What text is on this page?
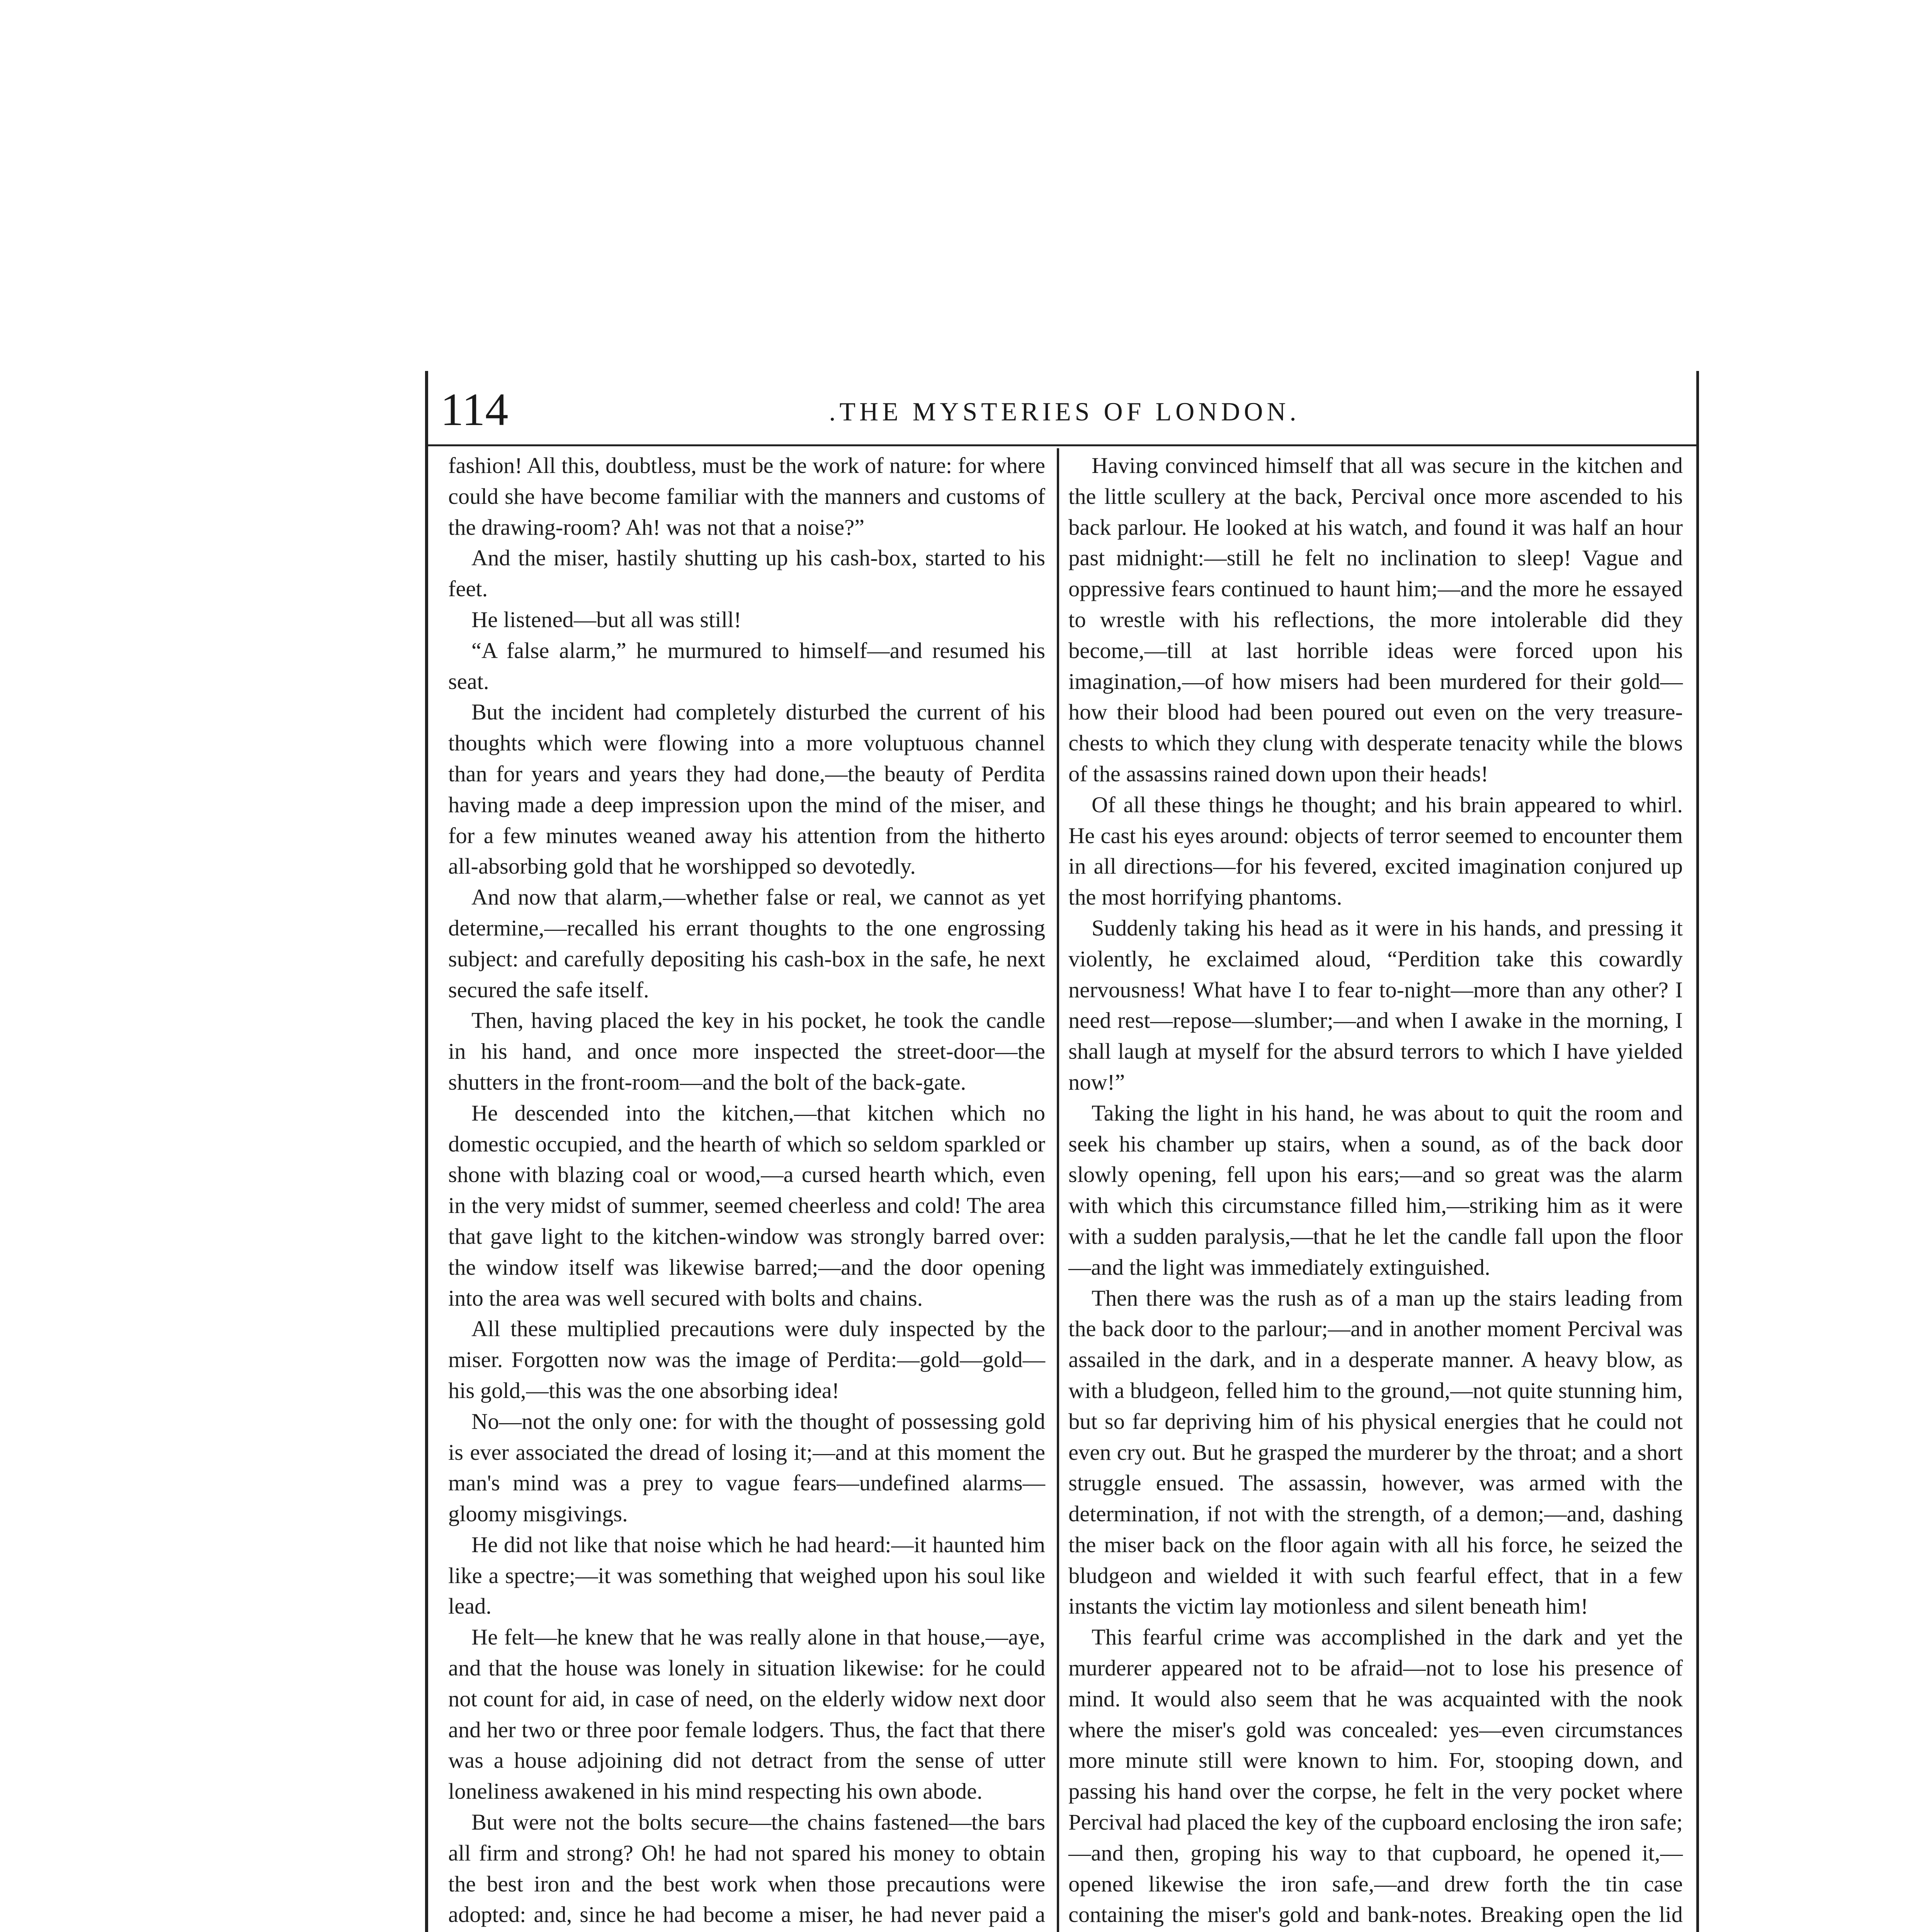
114	.THE MYSTERIES OF LONDON.

fashion! All this, doubtless, must be the work of nature: for where could she have become familiar with the manners and customs of the drawing-room? Ah! was not that a noise?”

And the miser, hastily shutting up his cash-box, started to his feet.

He listened—but all was still!

“A false alarm,” he murmured to himself—and resumed his seat.

But the incident had completely disturbed the current of his thoughts which were flowing into a more voluptuous channel than for years and years they had done,—the beauty of Perdita having made a deep impression upon the mind of the miser, and for a few minutes weaned away his attention from the hitherto all-absorbing gold that he worshipped so devotedly.

And now that alarm,—whether false or real, we cannot as yet determine,—recalled his errant thoughts to the one engrossing subject: and carefully depositing his cash-box in the safe, he next secured the safe itself.

Then, having placed the key in his pocket, he took the candle in his hand, and once more inspected the street-door—the shutters in the front-room—and the bolt of the back-gate.

He descended into the kitchen,—that kitchen which no domestic occupied, and the hearth of which so seldom sparkled or shone with blazing coal or wood,—a cursed hearth which, even in the very midst of summer, seemed cheerless and cold! The area that gave light to the kitchen-window was strongly barred over: the window itself was likewise barred;—and the door opening into the area was well secured with bolts and chains.

All these multiplied precautions were duly inspected by the miser. Forgotten now was the image of Perdita:—gold—gold—his gold,—this was the one absorbing idea!

No—not the only one: for with the thought of possessing gold is ever associated the dread of losing it;—and at this moment the man's mind was a prey to vague fears—undefined alarms—gloomy misgivings.

He did not like that noise which he had heard:—it haunted him like a spectre;—it was something that weighed upon his soul like lead.

He felt—he knew that he was really alone in that house,—aye, and that the house was lonely in situation likewise: for he could not count for aid, in case of need, on the elderly widow next door and her two or three poor female lodgers. Thus, the fact that there was a house adjoining did not detract from the sense of utter loneliness awakened in his mind respecting his own abode.

But were not the bolts secure—the chains fastened—the bars all firm and strong? Oh! he had not spared his money to obtain the best iron and the best work when those precautions were adopted: and, since he had become a miser, he had never paid a

Having convinced himself that all was secure in the kitchen and the little scullery at the back, Percival once more ascended to his back parlour. He looked at his watch, and found it was half an hour past midnight:—still he felt no inclination to sleep! Vague and oppressive fears continued to haunt him;—and the more he essayed to wrestle with his reflections, the more intolerable did they become,—till at last horrible ideas were forced upon his imagination,—of how misers had been murdered for their gold—how their blood had been poured out even on the very treasure-chests to which they clung with desperate tenacity while the blows of the assassins rained down upon their heads!

Of all these things he thought; and his brain appeared to whirl. He cast his eyes around: objects of terror seemed to encounter them in all directions—for his fevered, excited imagination conjured up the most horrifying phantoms.

Suddenly taking his head as it were in his hands, and pressing it violently, he exclaimed aloud, “Perdition take this cowardly nervousness! What have I to fear to-night—more than any other? I need rest—repose—slumber;—and when I awake in the morning, I shall laugh at myself for the absurd terrors to which I have yielded now!”

Taking the light in his hand, he was about to quit the room and seek his chamber up stairs, when a sound, as of the back door slowly opening, fell upon his ears;—and so great was the alarm with which this circumstance filled him,—striking him as it were with a sudden paralysis,—that he let the candle fall upon the floor—and the light was immediately extinguished.

Then there was the rush as of a man up the stairs leading from the back door to the parlour;—and in another moment Percival was assailed in the dark, and in a desperate manner. A heavy blow, as with a bludgeon, felled him to the ground,—not quite stunning him, but so far depriving him of his physical energies that he could not even cry out. But he grasped the murderer by the throat; and a short struggle ensued. The assassin, however, was armed with the determination, if not with the strength, of a demon;—and, dashing the miser back on the floor again with all his force, he seized the bludgeon and wielded it with such fearful effect, that in a few instants the victim lay motionless and silent beneath him!

This fearful crime was accomplished in the dark and yet the murderer appeared not to be afraid—not to lose his presence of mind. It would also seem that he was acquainted with the nook where the miser's gold was concealed: yes—even circumstances more minute still were known to him. For, stooping down, and passing his hand over the corpse, he felt in the very pocket where Percival had placed the key of the cupboard enclosing the iron safe;—and then, groping his way to that cupboard, he opened it,—opened likewise the iron safe,—and drew forth the tin case containing the miser's gold and bank-notes. Breaking open the lid
